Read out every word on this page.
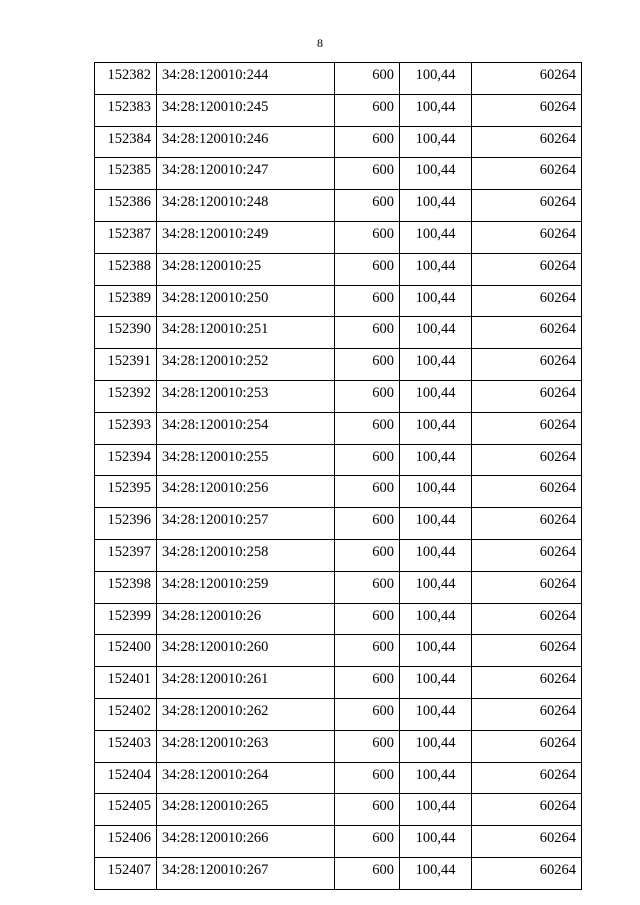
8
152382	34:28:120010:244	600	100,44	60264
152383	34:28:120010:245	600	100,44	60264
152384	34:28:120010:246	600	100,44	60264
152385	34:28:120010:247	600	100,44	60264
152386	34:28:120010:248	600	100,44	60264
152387	34:28:120010:249	600	100,44	60264
152388	34:28:120010:25	600	100,44	60264
152389	34:28:120010:250	600	100,44	60264
152390	34:28:120010:251	600	100,44	60264
152391	34:28:120010:252	600	100,44	60264
152392	34:28:120010:253	600	100,44	60264
152393	34:28:120010:254	600	100,44	60264
152394	34:28:120010:255	600	100,44	60264
152395	34:28:120010:256	600	100,44	60264
152396	34:28:120010:257	600	100,44	60264
152397	34:28:120010:258	600	100,44	60264
152398	34:28:120010:259	600	100,44	60264
152399	34:28:120010:26	600	100,44	60264
152400	34:28:120010:260	600	100,44	60264
152401	34:28:120010:261	600	100,44	60264
152402	34:28:120010:262	600	100,44	60264
152403	34:28:120010:263	600	100,44	60264
152404	34:28:120010:264	600	100,44	60264
152405	34:28:120010:265	600	100,44	60264
152406	34:28:120010:266	600	100,44	60264
152407	34:28:120010:267	600	100,44	60264
